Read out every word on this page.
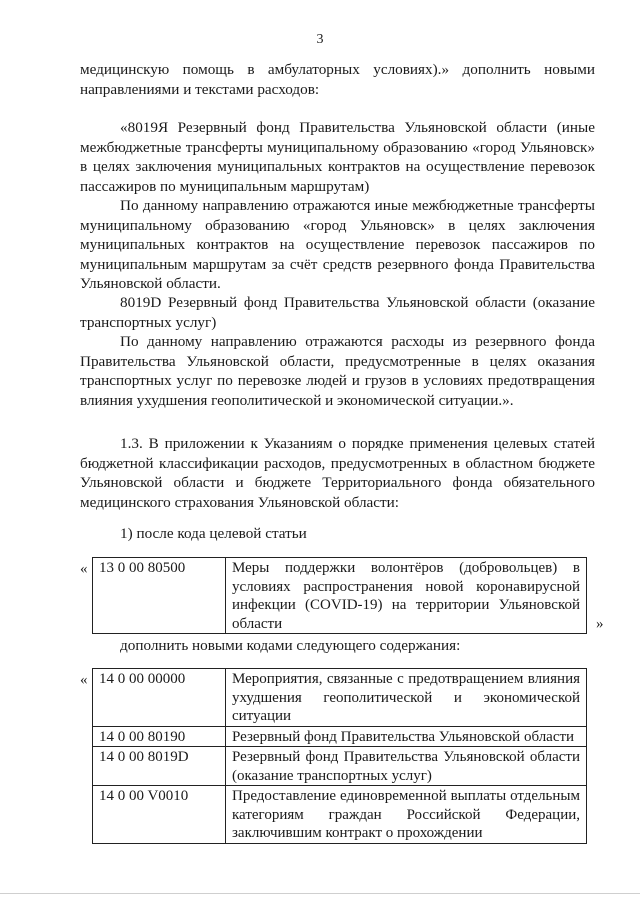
3

медицинскую помощь в амбулаторных условиях).» дополнить новыми направлениями и текстами расходов:

«8019Я Резервный фонд Правительства Ульяновской области (иные межбюджетные трансферты муниципальному образованию «город Ульяновск» в целях заключения муниципальных контрактов на осуществление перевозок пассажиров по муниципальным маршрутам)

По данному направлению отражаются иные межбюджетные трансферты муниципальному образованию «город Ульяновск» в целях заключения муниципальных контрактов на осуществление перевозок пассажиров по муниципальным маршрутам за счёт средств резервного фонда Правительства Ульяновской области.

8019D Резервный фонд Правительства Ульяновской области (оказание транспортных услуг)

По данному направлению отражаются расходы из резервного фонда Правительства Ульяновской области, предусмотренные в целях оказания транспортных услуг по перевозке людей и грузов в условиях предотвращения влияния ухудшения геополитической и экономической ситуации.».

1.3. В приложении к Указаниям о порядке применения целевых статей бюджетной классификации расходов, предусмотренных в областном бюджете Ульяновской области и бюджете Территориального фонда обязательного медицинского страхования Ульяновской области:

1) после кода целевой статьи

« 13 0 00 80500	Меры поддержки волонтёров (добровольцев) в условиях распространения новой коронавирусной инфекции (COVID-19) на территории Ульяновской области	»

дополнить новыми кодами следующего содержания:

« 14 0 00 00000	Мероприятия, связанные с предотвращением влияния ухудшения геополитической и экономической ситуации
14 0 00 80190	Резервный фонд Правительства Ульяновской области
14 0 00 8019D	Резервный фонд Правительства Ульяновской области (оказание транспортных услуг)
14 0 00 V0010	Предоставление единовременной выплаты отдельным категориям граждан Российской Федерации, заключившим контракт о прохождении
